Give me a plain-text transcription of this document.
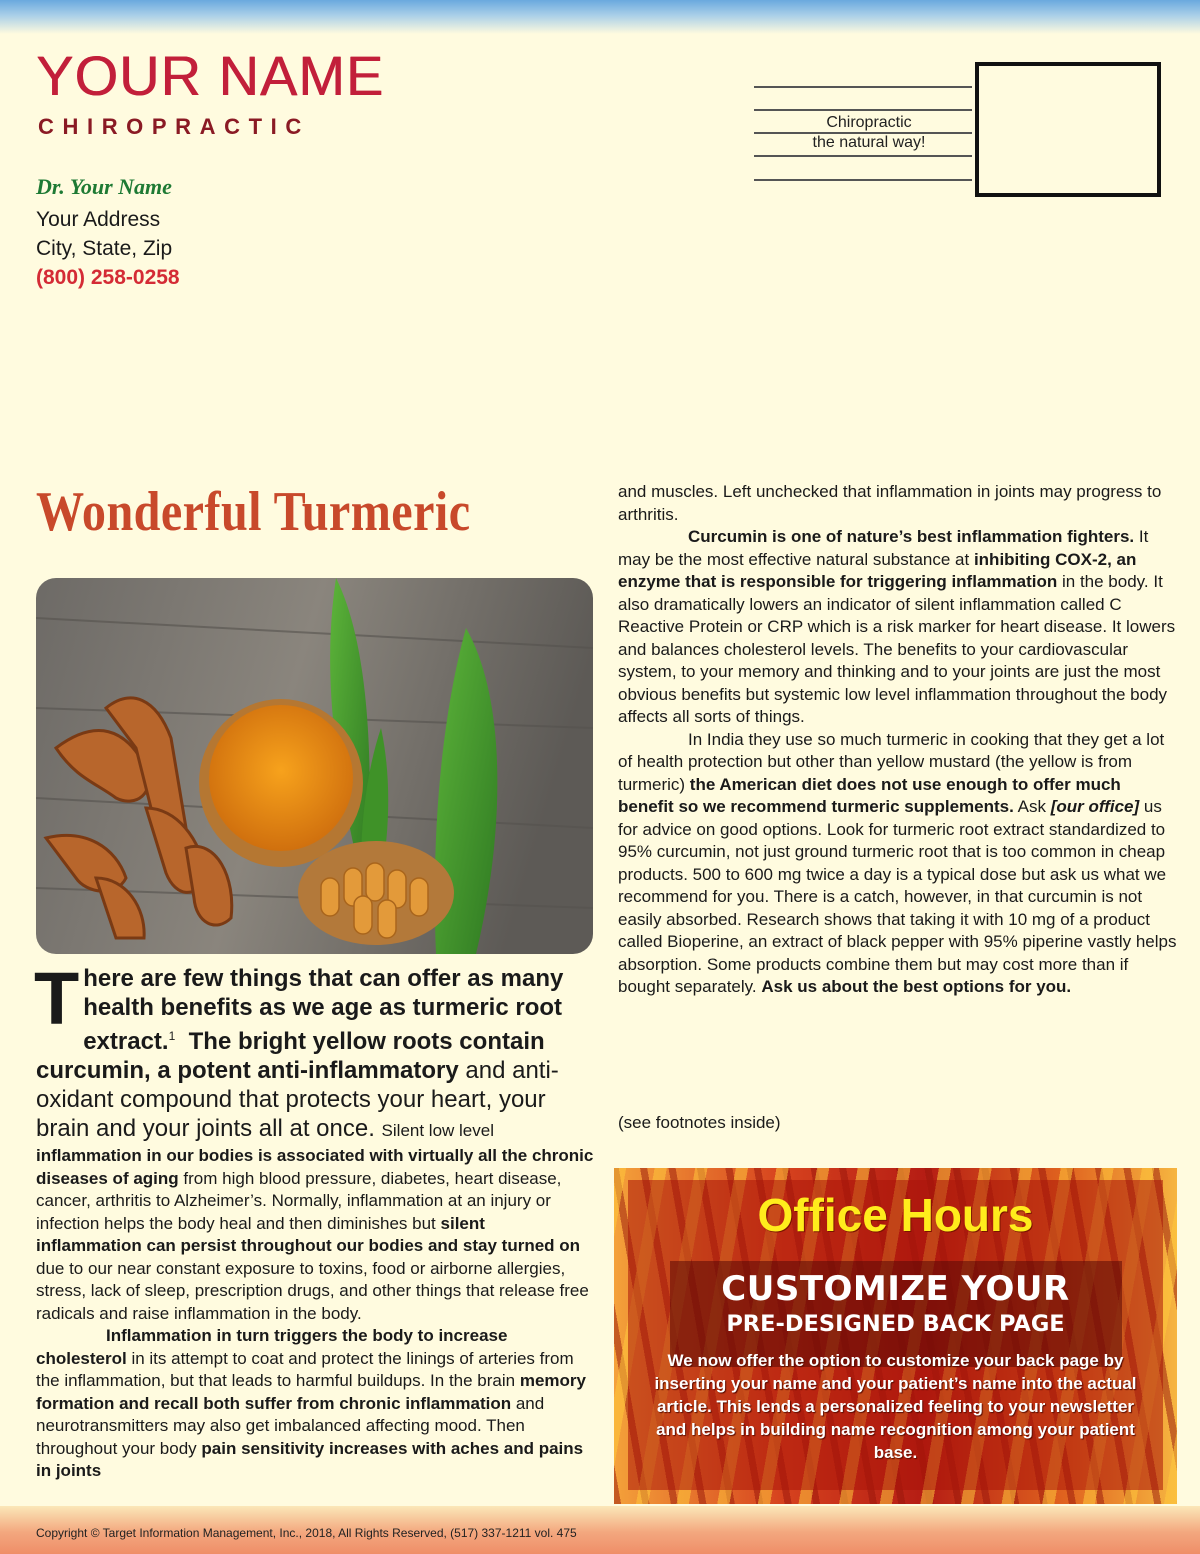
YOUR NAME
CHIROPRACTIC
Dr. Your Name
Your Address
City, State, Zip
(800) 258-0258
Chiropractic
the natural way!
Wonderful Turmeric

T here are few things that can offer as many health benefits as we age as turmeric root extract.$^1$ The bright yellow roots contain curcumin, a potent anti-inflammatory and anti-oxidant compound that protects your heart, your brain and your joints all at once. Silent low level

inflammation in our bodies is associated with virtually all the chronic diseases of aging from high blood pressure, diabetes, heart disease, cancer, arthritis to Alzheimer’s. Normally, inflammation at an injury or infection helps the body heal and then diminishes but silent inflammation can persist throughout our bodies and stay turned on due to our near constant exposure to toxins, food or airborne allergies, stress, lack of sleep, prescription drugs, and other things that release free radicals and raise inflammation in the body.

Inflammation in turn triggers the body to increase cholesterol in its attempt to coat and protect the linings of arteries from the inflammation, but that leads to harmful buildups. In the brain memory formation and recall both suffer from chronic inflammation and neurotransmitters may also get imbalanced affecting mood. Then throughout your body pain sensitivity increases with aches and pains in joints

and muscles. Left unchecked that inflammation in joints may progress to arthritis.

Curcumin is one of nature’s best inflammation fighters. It may be the most effective natural substance at inhibiting COX-2, an enzyme that is responsible for triggering inflammation in the body. It also dramatically lowers an indicator of silent inflammation called C Reactive Protein or CRP which is a risk marker for heart disease. It lowers and balances cholesterol levels. The benefits to your cardiovascular system, to your memory and thinking and to your joints are just the most obvious benefits but systemic low level inflammation throughout the body affects all sorts of things.

In India they use so much turmeric in cooking that they get a lot of health protection but other than yellow mustard (the yellow is from turmeric) the American diet does not use enough to offer much benefit so we recommend turmeric supplements. Ask [our office] us for advice on good options. Look for turmeric root extract standardized to 95% curcumin, not just ground turmeric root that is too common in cheap products. 500 to 600 mg twice a day is a typical dose but ask us what we recommend for you. There is a catch, however, in that curcumin is not easily absorbed. Research shows that taking it with 10 mg of a product called Bioperine, an extract of black pepper with 95% piperine vastly helps absorption. Some products combine them but may cost more than if bought separately. Ask us about the best options for you.

(see footnotes inside)
Office Hours
CUSTOMIZE YOUR
PRE-DESIGNED BACK PAGE
We now offer the option to customize your back page by inserting your name and your patient’s name into the actual article. This lends a personalized feeling to your newsletter and helps in building name recognition among your patient base.
Copyright © Target Information Management, Inc., 2018, All Rights Reserved, (517) 337-1211 vol. 475
